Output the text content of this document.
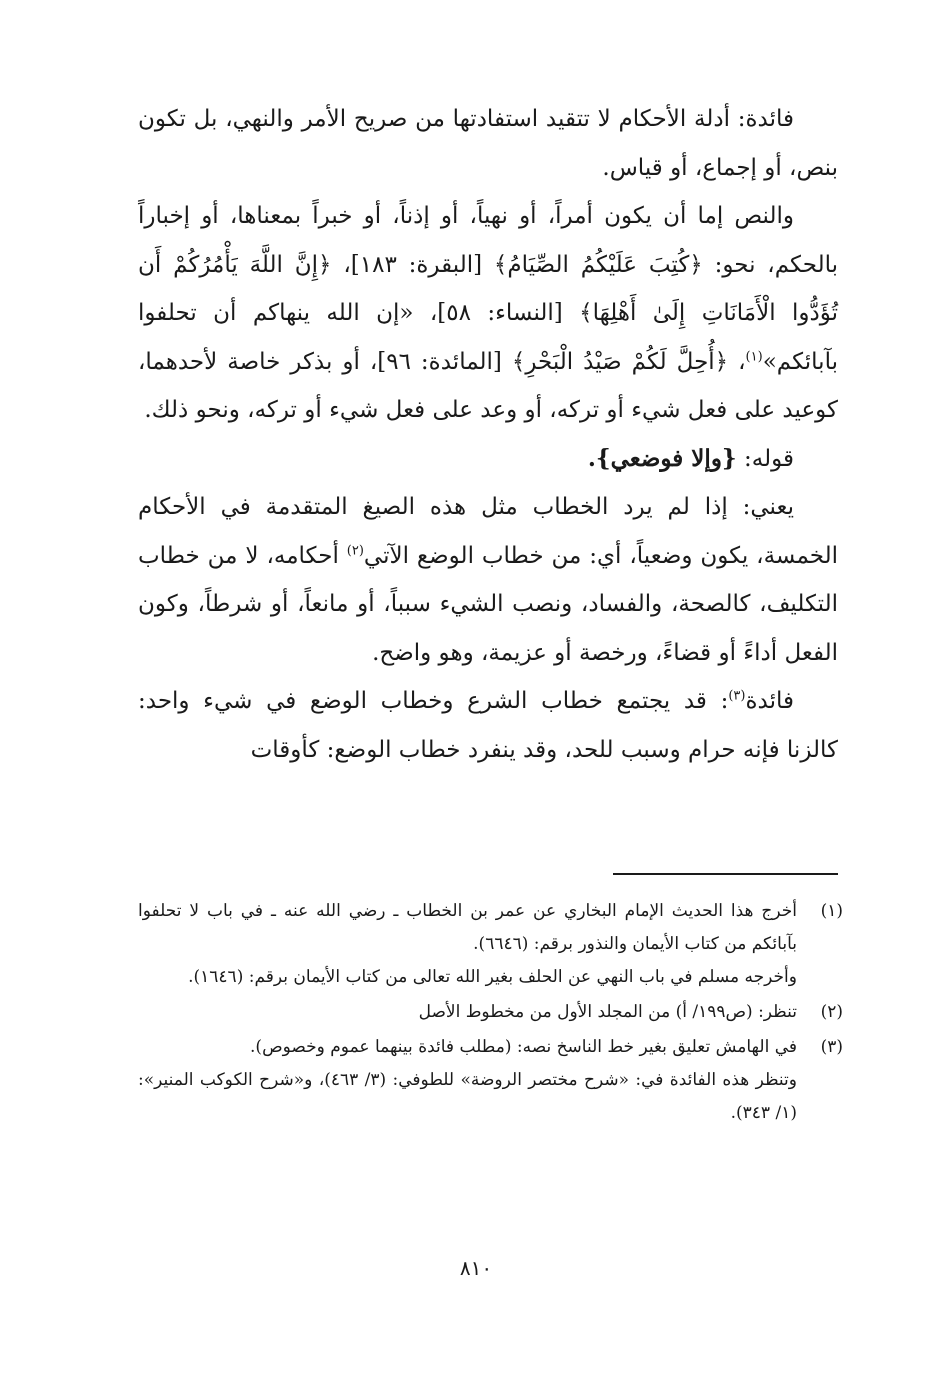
فائدة: أدلة الأحكام لا تتقيد استفادتها من صريح الأمر والنهي، بل تكون بنص، أو إجماع، أو قياس.

والنص إما أن يكون أمراً، أو نهياً، أو إذناً، أو خبراً بمعناها، أو إخباراً بالحكم، نحو: ﴿كُتِبَ عَلَيْكُمُ الصِّيَامُ﴾ [البقرة: ١٨٣]، ﴿إِنَّ اللَّهَ يَأْمُرُكُمْ أَن تُؤَدُّوا الْأَمَانَاتِ إِلَىٰ أَهْلِهَا﴾ [النساء: ٥٨]، «إن الله ينهاكم أن تحلفوا بآبائكم»$^{(١)}$، ﴿أُحِلَّ لَكُمْ صَيْدُ الْبَحْرِ﴾ [المائدة: ٩٦]، أو بذكر خاصة لأحدهما، كوعيد على فعل شيء أو تركه، أو وعد على فعل شيء أو تركه، ونحو ذلك.

قوله: {وإلا فوضعي}.

يعني: إذا لم يرد الخطاب مثل هذه الصيغ المتقدمة في الأحكام الخمسة، يكون وضعياً، أي: من خطاب الوضع الآتي$^{(٢)}$ أحكامه، لا من خطاب التكليف، كالصحة، والفساد، ونصب الشيء سبباً، أو مانعاً، أو شرطاً، وكون الفعل أداءً أو قضاءً، ورخصة أو عزيمة، وهو واضح.

فائدة$^{(٣)}$: قد يجتمع خطاب الشرع وخطاب الوضع في شيء واحد: كالزنا فإنه حرام وسبب للحد، وقد ينفرد خطاب الوضع: كأوقات

(١)

أخرج هذا الحديث الإمام البخاري عن عمر بن الخطاب ـ رضي الله عنه ـ في باب لا تحلفوا بآبائكم من كتاب الأيمان والنذور برقم: (٦٦٤٦).

وأخرجه مسلم في باب النهي عن الحلف بغير الله تعالى من كتاب الأيمان برقم: (١٦٤٦).

(٢)

تنظر: (ص١٩٩/ أ) من المجلد الأول من مخطوط الأصل

(٣)

في الهامش تعليق بغير خط الناسخ نصه: (مطلب فائدة بينهما عموم وخصوص).

وتنظر هذه الفائدة في: «شرح مختصر الروضة» للطوفي: (٣/ ٤٦٣)، و«شرح الكوكب المنير»: (١/ ٣٤٣).

٨١٠
